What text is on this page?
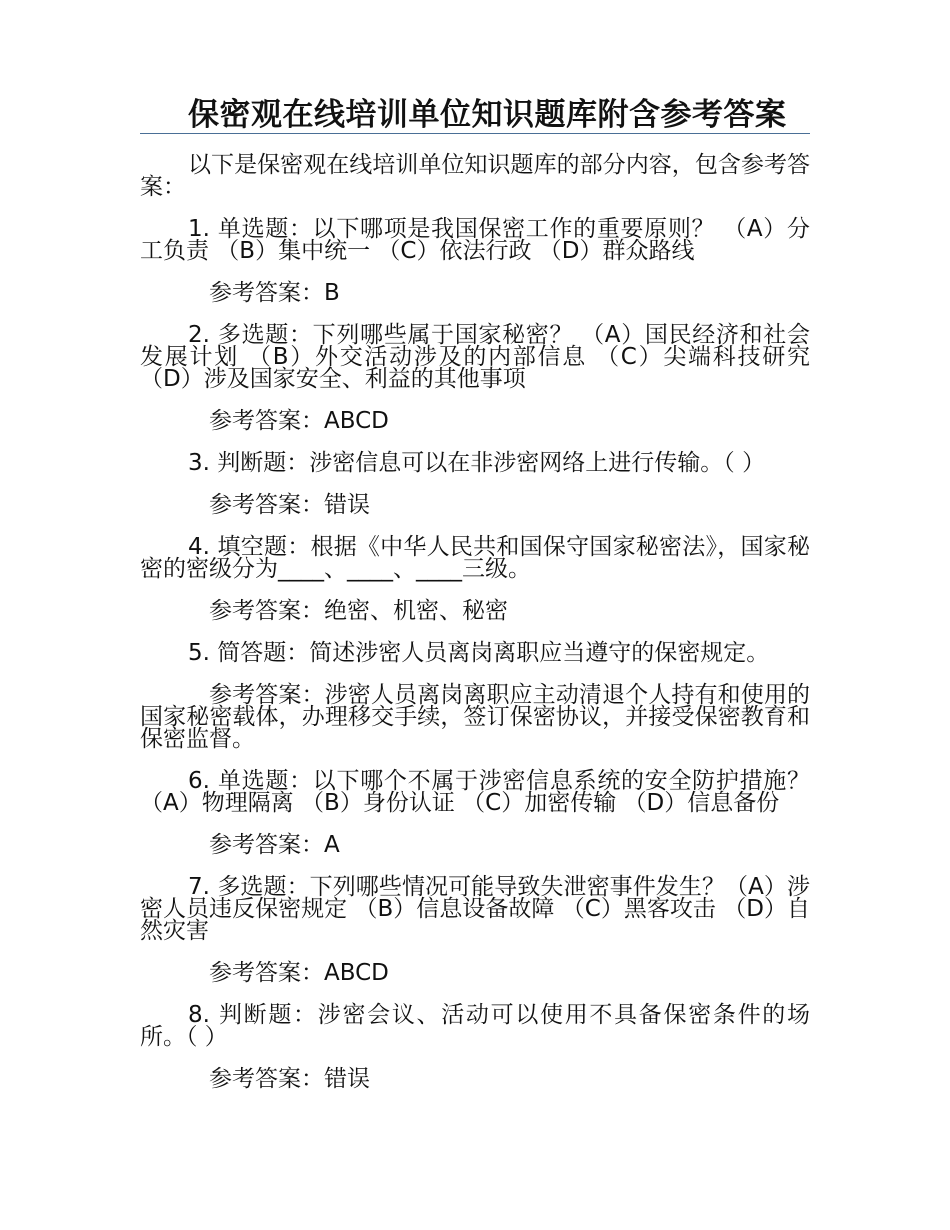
保密观在线培训单位知识题库附含参考答案

以下是保密观在线培训单位知识题库的部分内容，包含参考答案：

1. 单选题：以下哪项是我国保密工作的重要原则？ （A）分工负责 （B）集中统一 （C）依法行政 （D）群众路线

参考答案：B

2. 多选题：下列哪些属于国家秘密？ （A）国民经济和社会发展计划 （B）外交活动涉及的内部信息 （C）尖端科技研究 （D）涉及国家安全、利益的其他事项

参考答案：ABCD

3. 判断题：涉密信息可以在非涉密网络上进行传输。（ ）

参考答案：错误

4. 填空题：根据《中华人民共和国保守国家秘密法》，国家秘密的密级分为____、____、____三级。

参考答案：绝密、机密、秘密

5. 简答题：简述涉密人员离岗离职应当遵守的保密规定。

参考答案：涉密人员离岗离职应主动清退个人持有和使用的国家秘密载体，办理移交手续，签订保密协议，并接受保密教育和保密监督。

6. 单选题：以下哪个不属于涉密信息系统的安全防护措施？ （A）物理隔离 （B）身份认证 （C）加密传输 （D）信息备份

参考答案：A

7. 多选题：下列哪些情况可能导致失泄密事件发生？（A）涉密人员违反保密规定 （B）信息设备故障 （C）黑客攻击 （D）自然灾害

参考答案：ABCD

8. 判断题：涉密会议、活动可以使用不具备保密条件的场所。（ ）

参考答案：错误
